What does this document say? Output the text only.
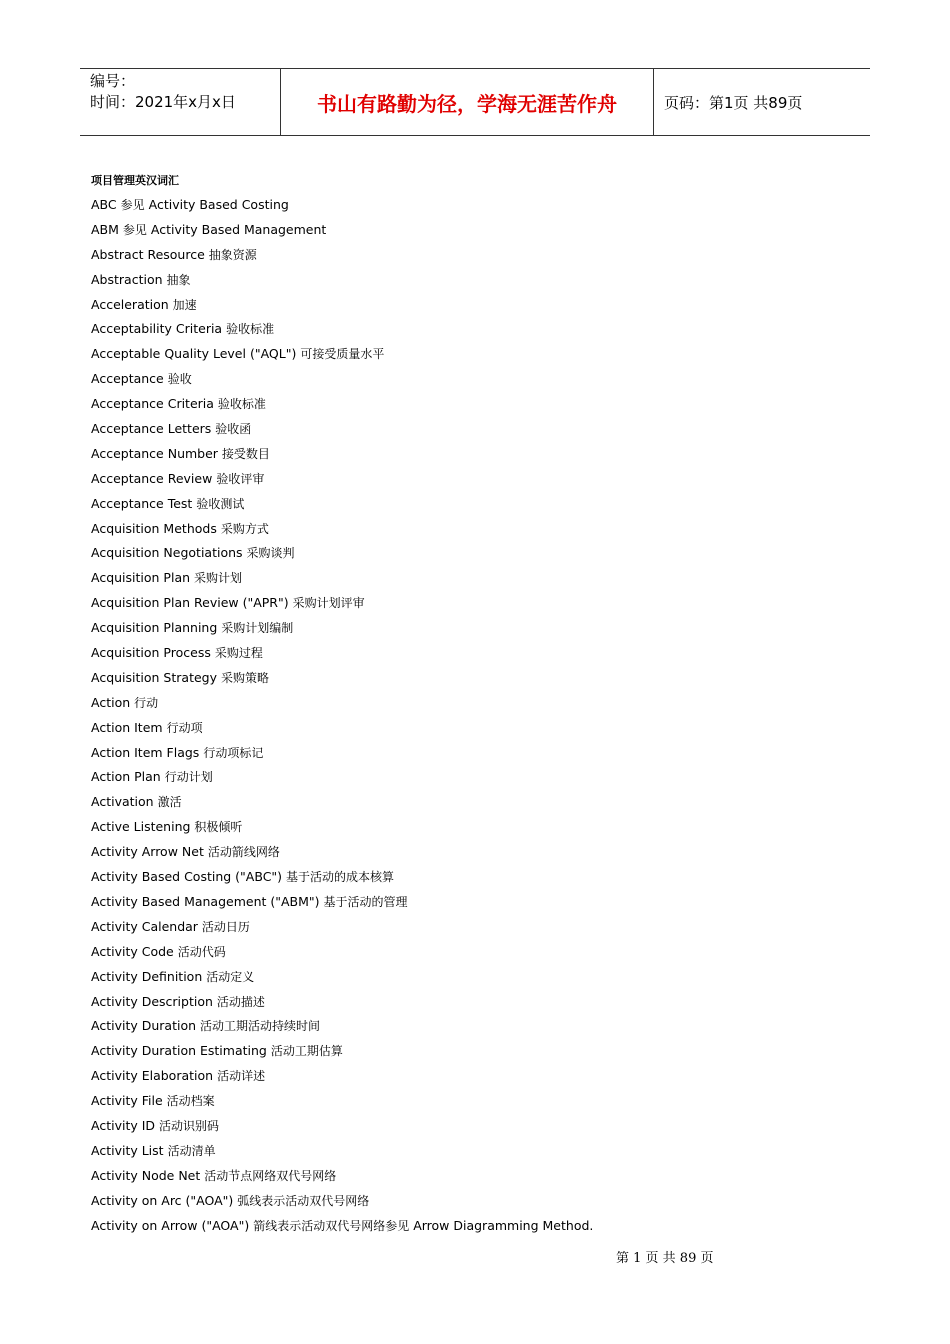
编号：
时间：2021年x月x日	书山有路勤为径，学海无涯苦作舟	页码：第1页 共89页
项目管理英汉词汇
ABC 参见 Activity Based Costing
ABM 参见 Activity Based Management
Abstract Resource 抽象资源
Abstraction 抽象
Acceleration 加速
Acceptability Criteria 验收标准
Acceptable Quality Level ("AQL") 可接受质量水平
Acceptance 验收
Acceptance Criteria 验收标准
Acceptance Letters 验收函
Acceptance Number 接受数目
Acceptance Review 验收评审
Acceptance Test 验收测试
Acquisition Methods 采购方式
Acquisition Negotiations 采购谈判
Acquisition Plan 采购计划
Acquisition Plan Review ("APR") 采购计划评审
Acquisition Planning 采购计划编制
Acquisition Process 采购过程
Acquisition Strategy 采购策略
Action 行动
Action Item 行动项
Action Item Flags 行动项标记
Action Plan 行动计划
Activation 激活
Active Listening 积极倾听
Activity Arrow Net 活动箭线网络
Activity Based Costing ("ABC") 基于活动的成本核算
Activity Based Management ("ABM") 基于活动的管理
Activity Calendar 活动日历
Activity Code 活动代码
Activity Definition 活动定义
Activity Description 活动描述
Activity Duration 活动工期活动持续时间
Activity Duration Estimating 活动工期估算
Activity Elaboration 活动详述
Activity File 活动档案
Activity ID 活动识别码
Activity List 活动清单
Activity Node Net 活动节点网络双代号网络
Activity on Arc ("AOA") 弧线表示活动双代号网络
Activity on Arrow ("AOA") 箭线表示活动双代号网络参见 Arrow Diagramming Method.
第 1 页 共 89 页
